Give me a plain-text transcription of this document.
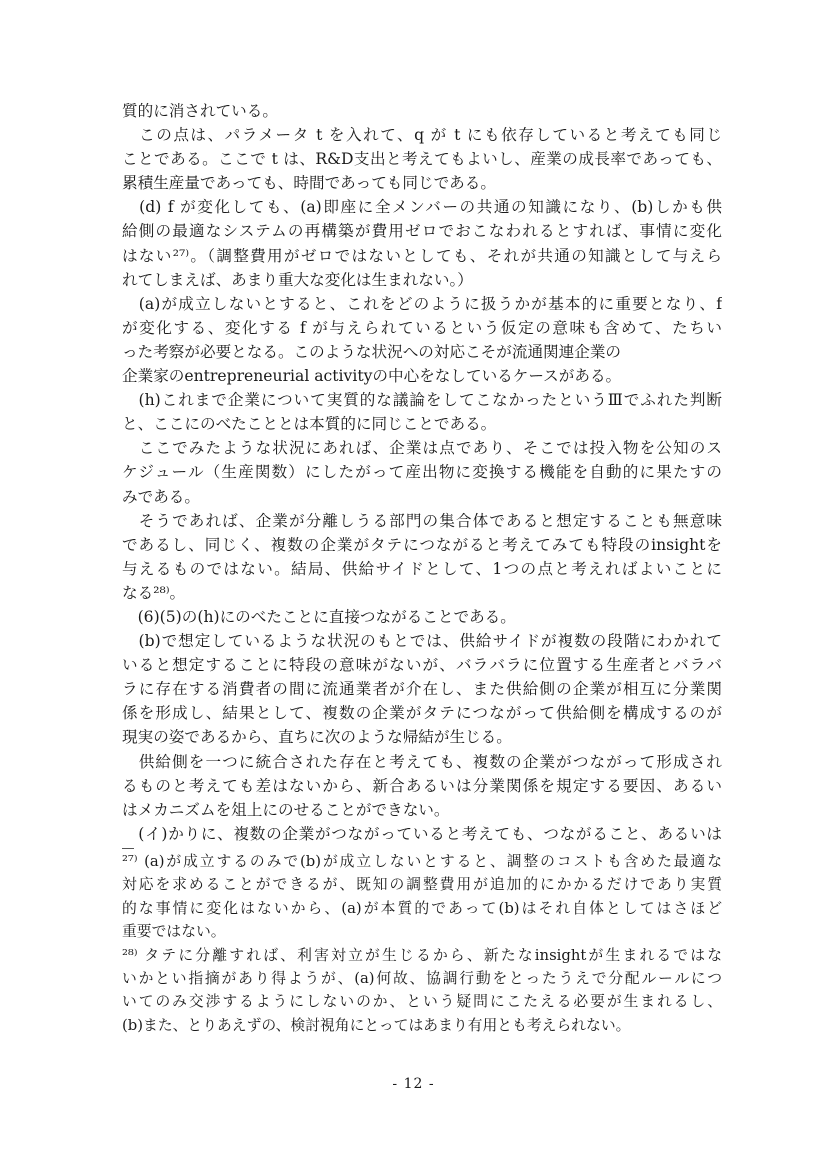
質的に消されている。
　この点は、パラメータ t を入れて、q が t にも依存していると考えても同じ
ことである。ここで t は、R&D支出と考えてもよいし、産業の成長率であっても、
累積生産量であっても、時間であっても同じである。
　(d) f が変化しても、(a)即座に全メンバーの共通の知識になり、(b)しかも供
給側の最適なシステムの再構築が費用ゼロでおこなわれるとすれば、事情に変化
はない²⁷⁾。（調整費用がゼロではないとしても、それが共通の知識として与えら
れてしまえば、あまり重大な変化は生まれない。）
　(a)が成立しないとすると、これをどのように扱うかが基本的に重要となり、f
が変化する、変化する f が与えられているという仮定の意味も含めて、たちい
った考察が必要となる。このような状況への対応こそが流通関連企業の
企業家のentrepreneurial activityの中心をなしているケースがある。
　(h)これまで企業について実質的な議論をしてこなかったというⅢでふれた判断
と、ここにのべたこととは本質的に同じことである。
　ここでみたような状況にあれば、企業は点であり、そこでは投入物を公知のス
ケジュール（生産関数）にしたがって産出物に変換する機能を自動的に果たすの
みである。
　そうであれば、企業が分離しうる部門の集合体であると想定することも無意味
であるし、同じく、複数の企業がタテにつながると考えてみても特段のinsightを
与えるものではない。結局、供給サイドとして、1つの点と考えればよいことに
なる²⁸⁾。
　(6)(5)の(h)にのべたことに直接つながることである。
　(b)で想定しているような状況のもとでは、供給サイドが複数の段階にわかれて
いると想定することに特段の意味がないが、バラバラに位置する生産者とバラバ
ラに存在する消費者の間に流通業者が介在し、また供給側の企業が相互に分業関
係を形成し、結果として、複数の企業がタテにつながって供給側を構成するのが
現実の姿であるから、直ちに次のような帰結が生じる。
　供給側を一つに統合された存在と考えても、複数の企業がつながって形成され
るものと考えても差はないから、新合あるいは分業関係を規定する要因、あるい
はメカニズムを俎上にのせることができない。
　(イ)かりに、複数の企業がつながっていると考えても、つながること、あるいは
²⁷⁾ (a)が成立するのみで(b)が成立しないとすると、調整のコストも含めた最適な
対応を求めることができるが、既知の調整費用が追加的にかかるだけであり実質
的な事情に変化はないから、(a)が本質的であって(b)はそれ自体としてはさほど
重要ではない。
²⁸⁾ タテに分離すれば、利害対立が生じるから、新たなinsightが生まれるではな
いかとい指摘があり得ようが、(a)何故、協調行動をとったうえで分配ルールにつ
いてのみ交渉するようにしないのか、という疑問にこたえる必要が生まれるし、
(b)また、とりあえずの、検討視角にとってはあまり有用とも考えられない。
- 12 -
